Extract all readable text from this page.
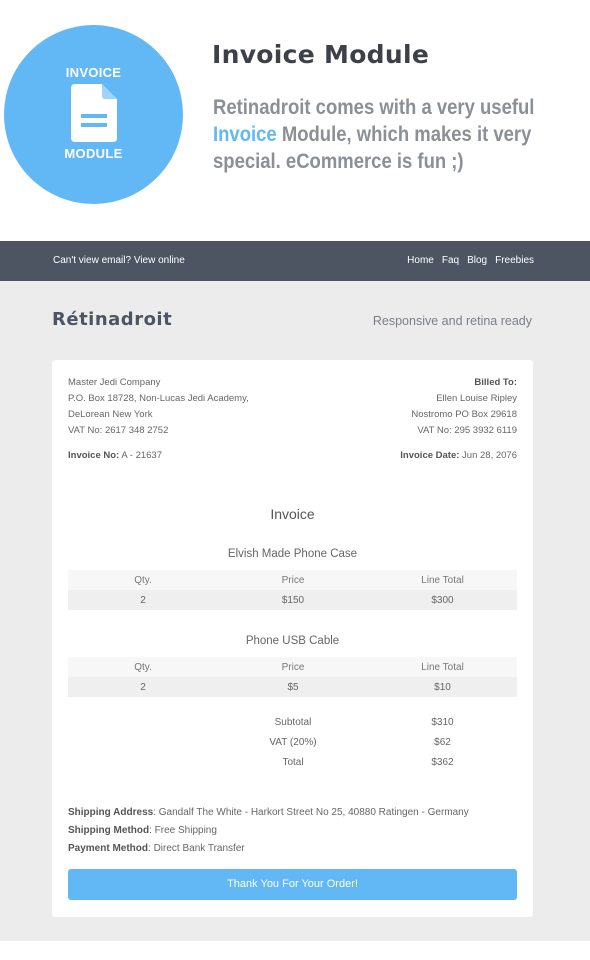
INVOICE
MODULE
Invoice Module
Retinadroit comes with a very useful Invoice Module, which makes it very special. eCommerce is fun ;)
Can't view email? View online	Home Faq Blog Freebies
Rétinadroit	Responsive and retina ready
Master Jedi Company
P.O. Box 18728, Non-Lucas Jedi Academy,
DeLorean New York
VAT No: 2617 348 2752
Billed To:
Ellen Louise Ripley
Nostromo PO Box 29618
VAT No: 295 3932 6119
Invoice No: A - 21637	Invoice Date: Jun 28, 2076
Invoice
Elvish Made Phone Case
Qty.	Price	Line Total
2	$150	$300
Phone USB Cable
Qty.	Price	Line Total
2	$5	$10
Subtotal	$310
VAT (20%)	$62
Total	$362
Shipping Address: Gandalf The White - Harkort Street No 25, 40880 Ratingen - Germany
Shipping Method: Free Shipping
Payment Method: Direct Bank Transfer
Thank You For Your Order!
